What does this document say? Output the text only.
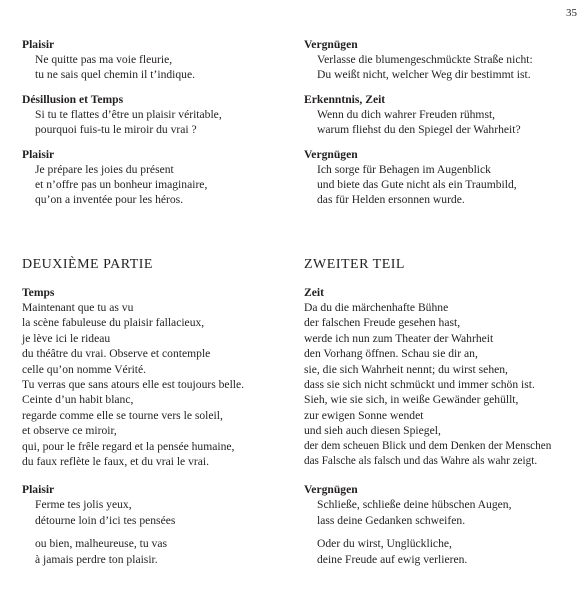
35

Plaisir

Ne quitte pas ma voie fleurie,

tu ne sais quel chemin il t’indique.

Désillusion et Temps

Si tu te flattes d’être un plaisir véritable,

pourquoi fuis-tu le miroir du vrai ?

Plaisir

Je prépare les joies du présent

et n’offre pas un bonheur imaginaire,

qu’on a inventée pour les héros.

Vergnügen

Verlasse die blumengeschmückte Straße nicht:

Du weißt nicht, welcher Weg dir bestimmt ist.

Erkenntnis, Zeit

Wenn du dich wahrer Freuden rühmst,

warum fliehst du den Spiegel der Wahrheit?

Vergnügen

Ich sorge für Behagen im Augenblick

und biete das Gute nicht als ein Traumbild,

das für Helden ersonnen wurde.

DEUXIÈME PARTIE	ZWEITER TEIL

Temps

Maintenant que tu as vu

la scène fabuleuse du plaisir fallacieux,

je lève ici le rideau

du théâtre du vrai. Observe et contemple

celle qu’on nomme Vérité.

Tu verras que sans atours elle est toujours belle.

Ceinte d’un habit blanc,

regarde comme elle se tourne vers le soleil,

et observe ce miroir,

qui, pour le frêle regard et la pensée humaine,

du faux reflète le faux, et du vrai le vrai.

Plaisir

Ferme tes jolis yeux,

détourne loin d’ici tes pensées

ou bien, malheureuse, tu vas

à jamais perdre ton plaisir.

Zeit

Da du die märchenhafte Bühne

der falschen Freude gesehen hast,

werde ich nun zum Theater der Wahrheit

den Vorhang öffnen. Schau sie dir an,

sie, die sich Wahrheit nennt; du wirst sehen,

dass sie sich nicht schmückt und immer schön ist.

Sieh, wie sie sich, in weiße Gewänder gehüllt,

zur ewigen Sonne wendet

und sieh auch diesen Spiegel,

der dem scheuen Blick und dem Denken der Menschen

das Falsche als falsch und das Wahre als wahr zeigt.

Vergnügen

Schließe, schließe deine hübschen Augen,

lass deine Gedanken schweifen.

Oder du wirst, Unglückliche,

deine Freude auf ewig verlieren.
